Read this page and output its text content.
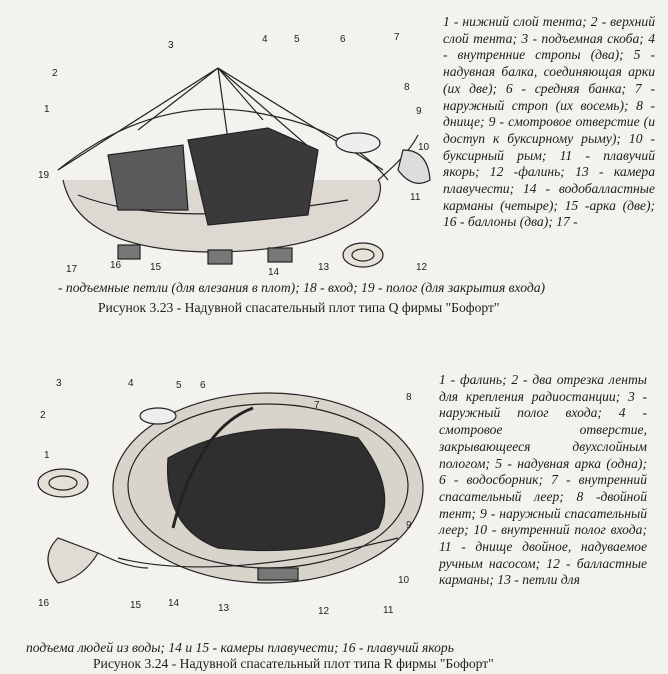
3
2
1
4	5	6	7
8
9
10
11
12
13
14
15
16
17
19
1 - нижний слой тента; 2 - верхний слой тента; 3 - подъемная скоба; 4 - внутренние стропы (два); 5 - надувная балка, соединяющая арки (их две); 6 - средняя банка; 7 - наружный строп (их восемь); 8 - днище; 9 - смотровое отверстие (и доступ к буксирному рыму); 10 - буксирный рым; 11 - плавучий якорь; 12 -фалинь; 13 - камера плавучести; 14 - водобалластные карманы (четыре); 15 -арка (две); 16 - баллоны (два); 17 -
- подъемные петли (для влезания в плот); 18 - вход; 19 - полог (для закрытия входа)
Рисунок 3.23 - Надувной спасательный плот типа Q фирмы "Бофорт"
3
2
1
4	5 6
7
8
9
10
11
12
13
14
15
16
1 - фалинь; 2 - два отрезка ленты для крепления радиостанции; 3 - наружный полог входа; 4 - смотровое отверстие, закрывающееся двухслойным пологом; 5 - надувная арка (одна); 6 - водосборник; 7 - внутренний спасательный леер; 8 -двойной тент; 9 - наружный спасательный леер; 10 - внутренний полог входа; 11 - днище двойное, надуваемое ручным насосом; 12 - балластные карманы; 13 - петли для
подъема людей из воды; 14 и 15 - камеры плавучести; 16 - плавучий якорь
Рисунок 3.24 - Надувной спасательный плот типа R фирмы "Бофорт"
